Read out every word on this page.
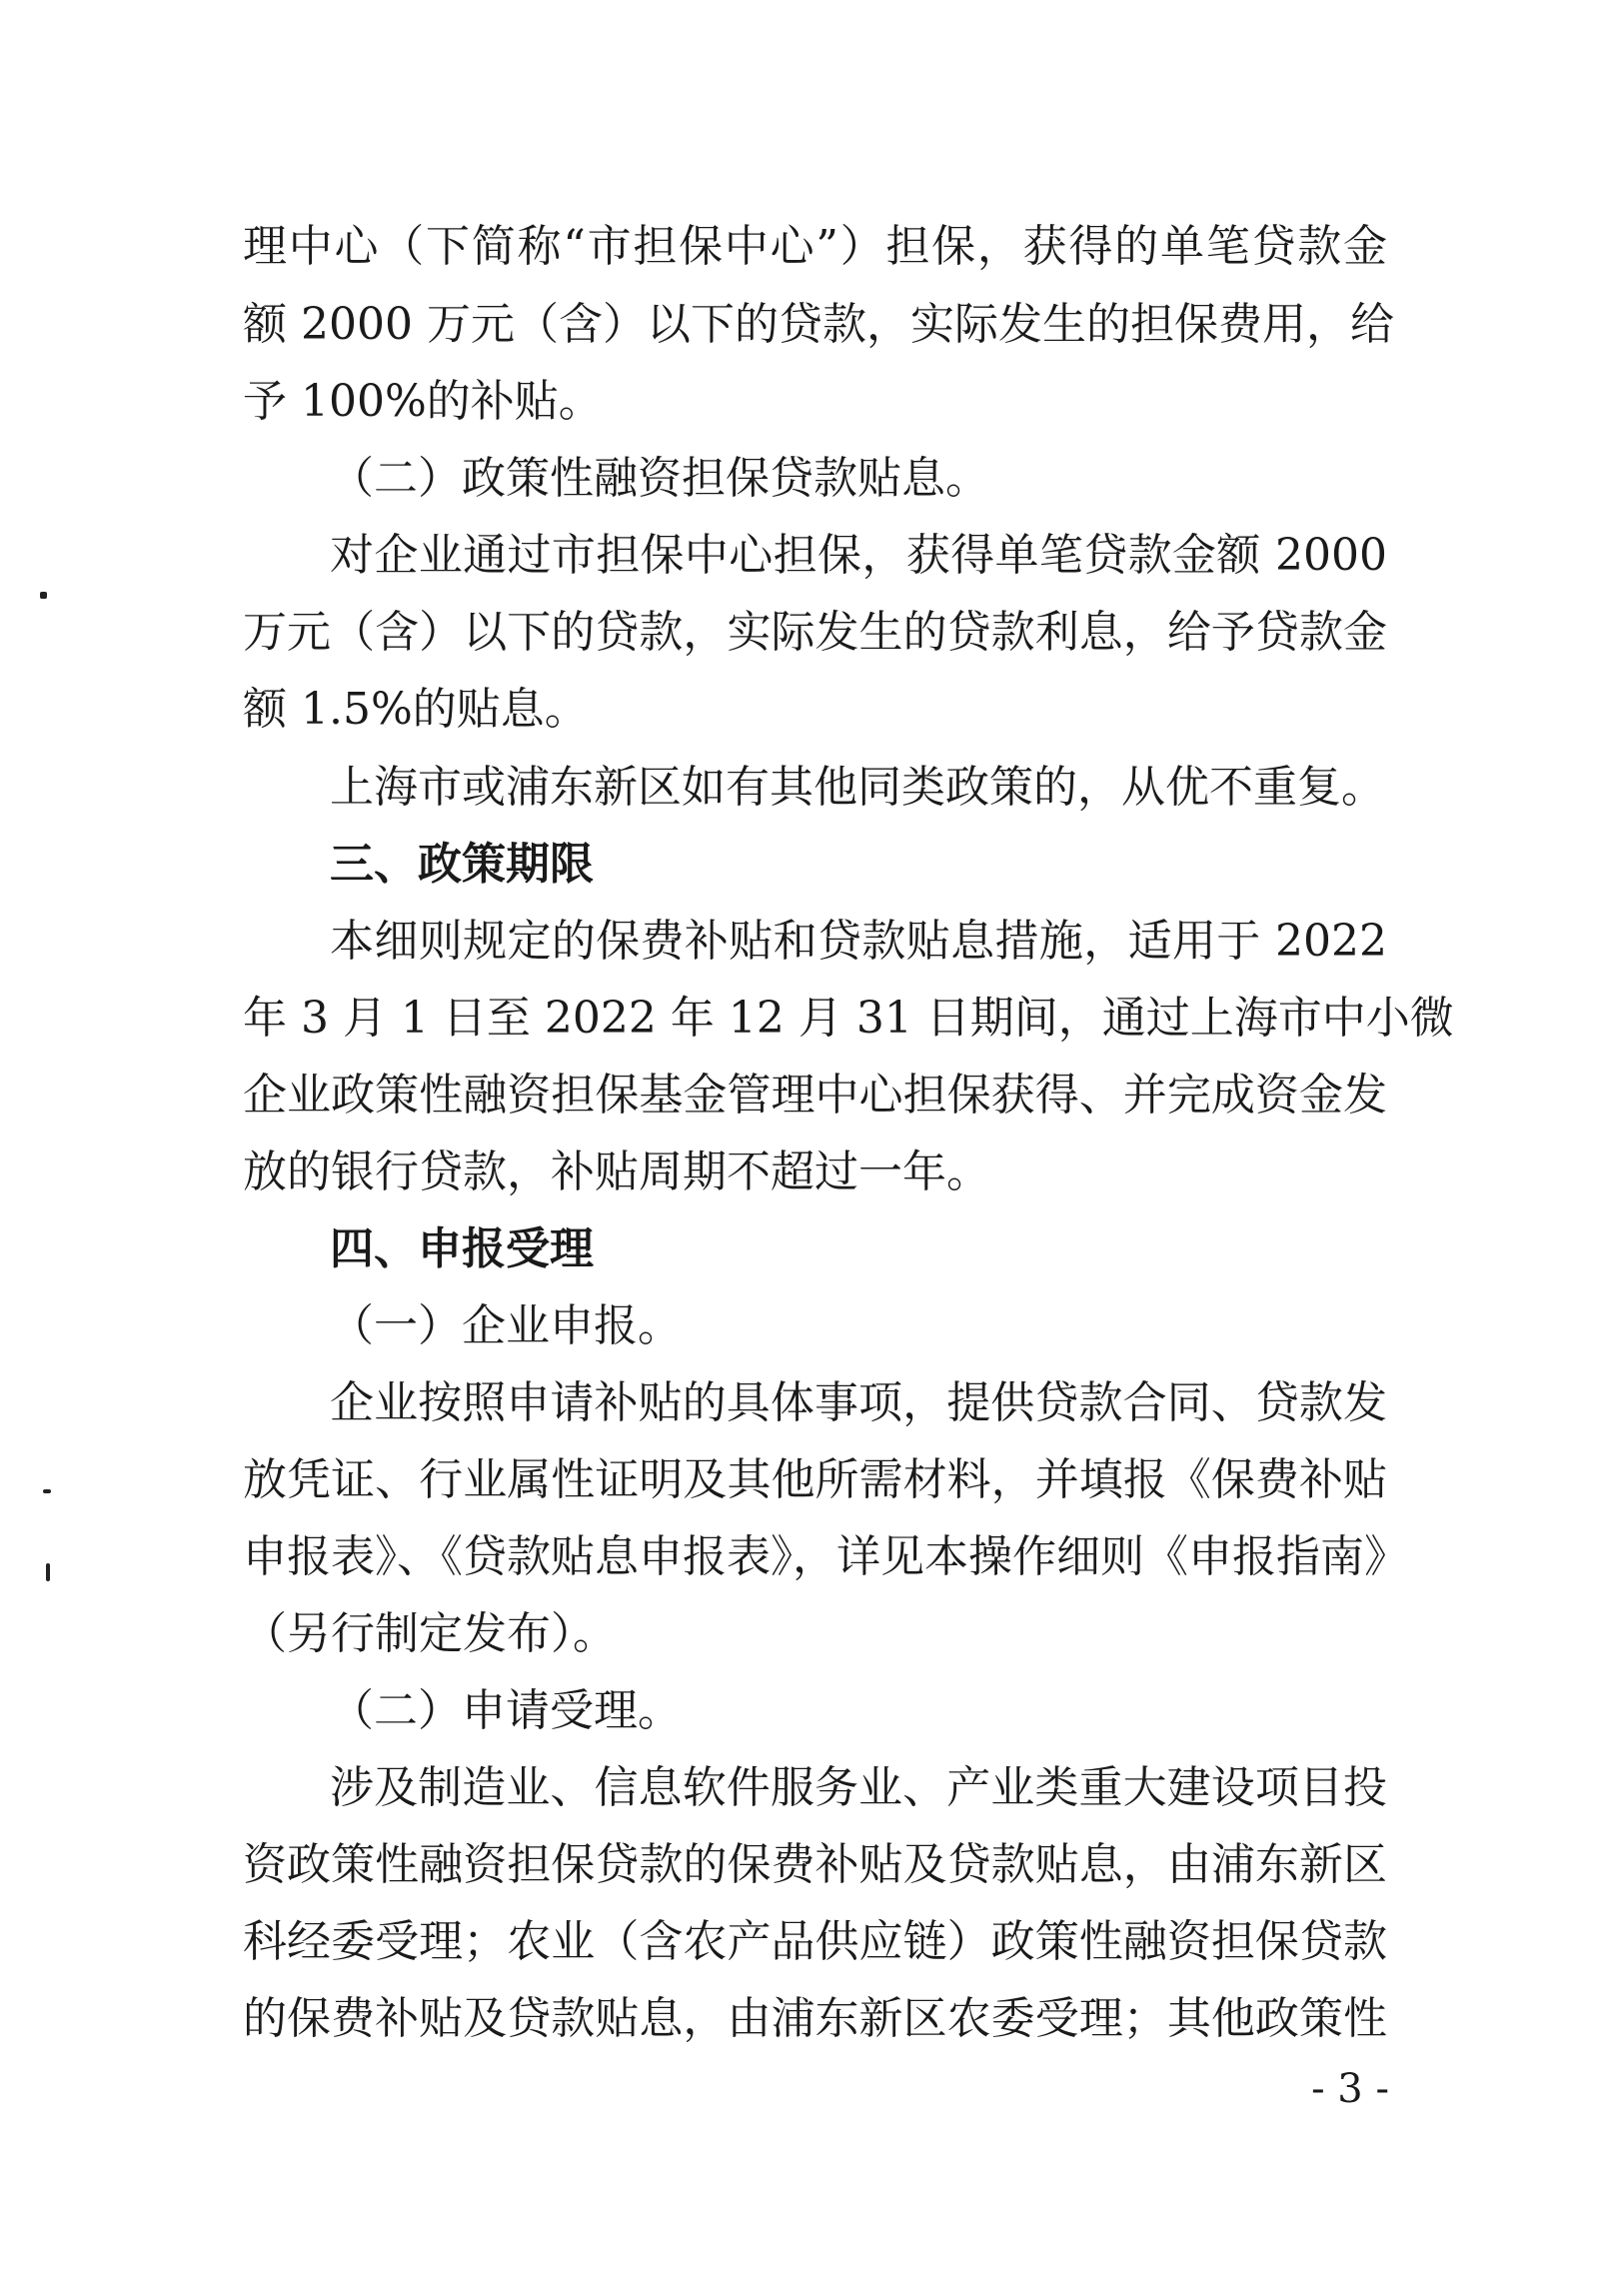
理中心（下简称“市担保中心”）担保，获得的单笔贷款金
额 2000 万元（含）以下的贷款，实际发生的担保费用，给
予 100%的补贴。
（二）政策性融资担保贷款贴息。
对企业通过市担保中心担保，获得单笔贷款金额 2000
万元（含）以下的贷款，实际发生的贷款利息，给予贷款金
额 1.5%的贴息。
上海市或浦东新区如有其他同类政策的，从优不重复。
三、政策期限
本细则规定的保费补贴和贷款贴息措施，适用于 2022
年 3 月 1 日至 2022 年 12 月 31 日期间，通过上海市中小微
企业政策性融资担保基金管理中心担保获得、并完成资金发
放的银行贷款，补贴周期不超过一年。
四、申报受理
（一）企业申报。
企业按照申请补贴的具体事项，提供贷款合同、贷款发
放凭证、行业属性证明及其他所需材料，并填报《保费补贴
申报表》、《贷款贴息申报表》，详见本操作细则《申报指南》
（另行制定发布）。
（二）申请受理。
涉及制造业、信息软件服务业、产业类重大建设项目投
资政策性融资担保贷款的保费补贴及贷款贴息，由浦东新区
科经委受理；农业（含农产品供应链）政策性融资担保贷款
的保费补贴及贷款贴息，由浦东新区农委受理；其他政策性
- 3 -
